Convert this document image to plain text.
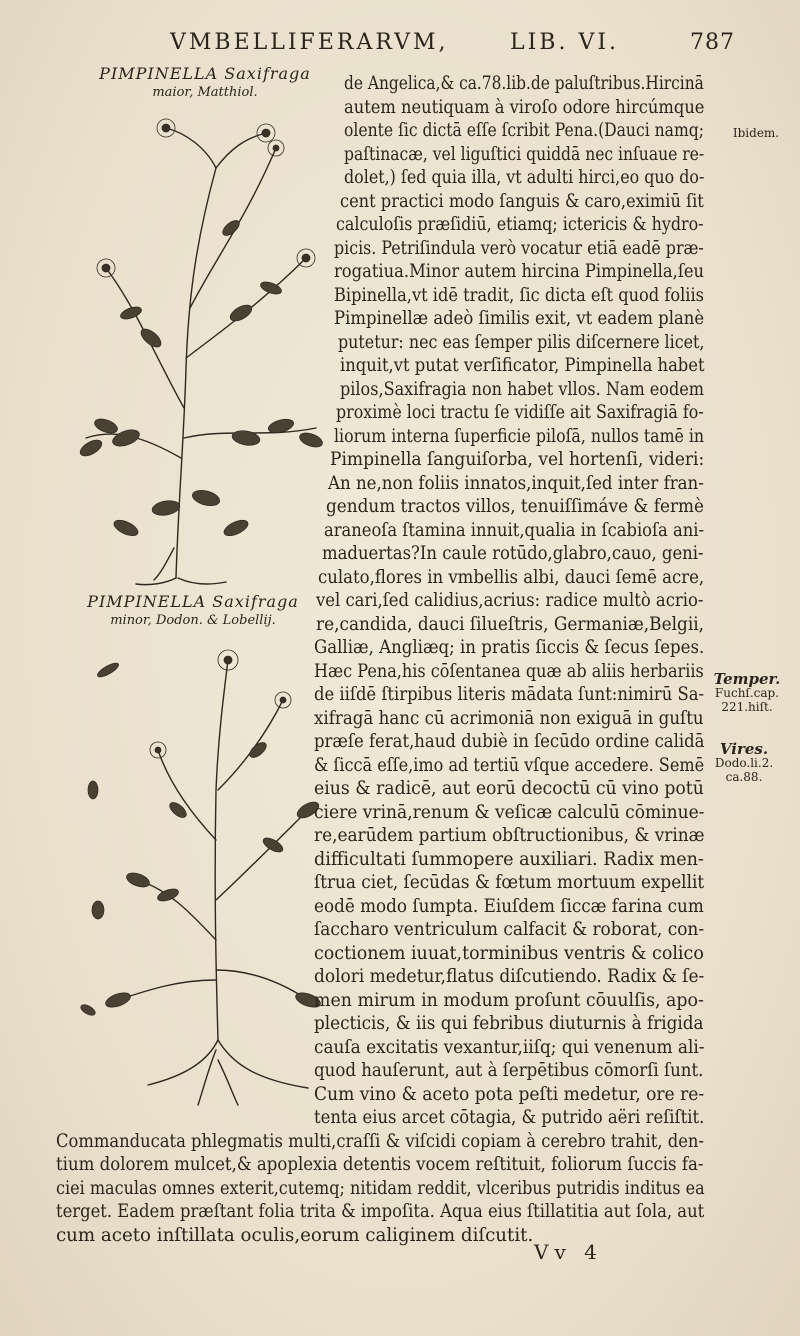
VMBELLIFERARVM,	LIB. VI.	787
PIMPINELLA Saxifraga
maior, Matthiol.
PIMPINELLA Saxifraga
minor, Dodon. & Lobellij.
de Angelica,& ca.78.lib.de paluſtribus.Hircinā
autem neutiquam à viroſo odore hircúmque
olente ſic dictā eſſe ſcribit Pena.(Dauci namq;
paſtinacæ, vel liguſtici quiddā nec inſuaue re-
dolet,) ſed quia illa, vt adulti hirci,eo quo do-
cent practici modo ſanguis & caro,eximiū ſit
calculoſis præſidiū, etiamq; ictericis & hydro-
picis. Petriſindula verò vocatur etiā eadē præ-
rogatiua.Minor autem hircina Pimpinella,ſeu
Bipinella,vt idē tradit, ſic dicta eſt quod foliis
Pimpinellæ adeò ſimilis exit, vt eadem planè
putetur: nec eas ſemper pilis diſcernere licet,
inquit,vt putat verſificator, Pimpinella habet
pilos,Saxifragia non habet vllos. Nam eodem
proximè loci tractu ſe vidiſſe ait Saxifragiā fo-
liorum interna ſuperficie piloſā, nullos tamē in
Pimpinella ſanguiſorba, vel hortenſi, videri:
An ne,non foliis innatos,inquit,ſed inter fran-
gendum tractos villos, tenuiſſimáve & fermè
araneoſa ſtamina innuit,qualia in ſcabioſa ani-
maduertas?In caule rotūdo,glabro,cauo, geni-
culato,flores in vmbellis albi, dauci ſemē acre,
vel cari,ſed calidius,acrius: radice multò acrio-
re,candida, dauci ſilueſtris, Germaniæ,Belgii,
Galliæ, Angliæq; in pratis ſiccis & ſecus ſepes.
Hæc Pena,his cōſentanea quæ ab aliis herbariis
de iiſdē ſtirpibus literis mādata ſunt:nimirū Sa-
xifragā hanc cū acrimoniā non exiguā in guſtu
præſe ferat,haud dubiè in ſecūdo ordine calidā
& ſiccā eſſe,imo ad tertiū vſque accedere. Semē
eius & radicē, aut eorū decoctū cū vino potū
ciere vrinā,renum & veſicæ calculū cōminue-
re,earūdem partium obſtructionibus, & vrinæ
difficultati ſummopere auxiliari. Radix men-
ſtrua ciet, ſecūdas & fœtum mortuum expellit
eodē modo ſumpta. Eiuſdem ſiccæ farina cum
ſaccharo ventriculum calfacit & roborat, con-
coctionem iuuat,torminibus ventris & colico
dolori medetur,flatus diſcutiendo. Radix & ſe-
men mirum in modum proſunt cōuulſis, apo-
plecticis, & iis qui febribus diuturnis à frigida
cauſa excitatis vexantur,iiſq; qui venenum ali-
quod hauſerunt, aut à ſerpētibus cōmorſi ſunt.
Cum vino & aceto pota peſti medetur, ore re-
tenta eius arcet cōtagia, & putrido aëri reſiſtit.
Commanducata phlegmatis multi,craſſi & viſcidi copiam à cerebro trahit, den-
tium dolorem mulcet,& apoplexia detentis vocem reſtituit, foliorum ſuccis fa-
ciei maculas omnes exterit,cutemq; nitidam reddit, vlceribus putridis inditus ea
terget. Eadem præſtant folia trita & impoſita. Aqua eius ſtillatitia aut ſola, aut
cum aceto inſtillata oculis,eorum caliginem diſcutit.
Ibidem.
Temper.
Fuchſ.cap. 221.hiſt.
Vires.
Dodo.li.2. ca.88.
Vv 4
